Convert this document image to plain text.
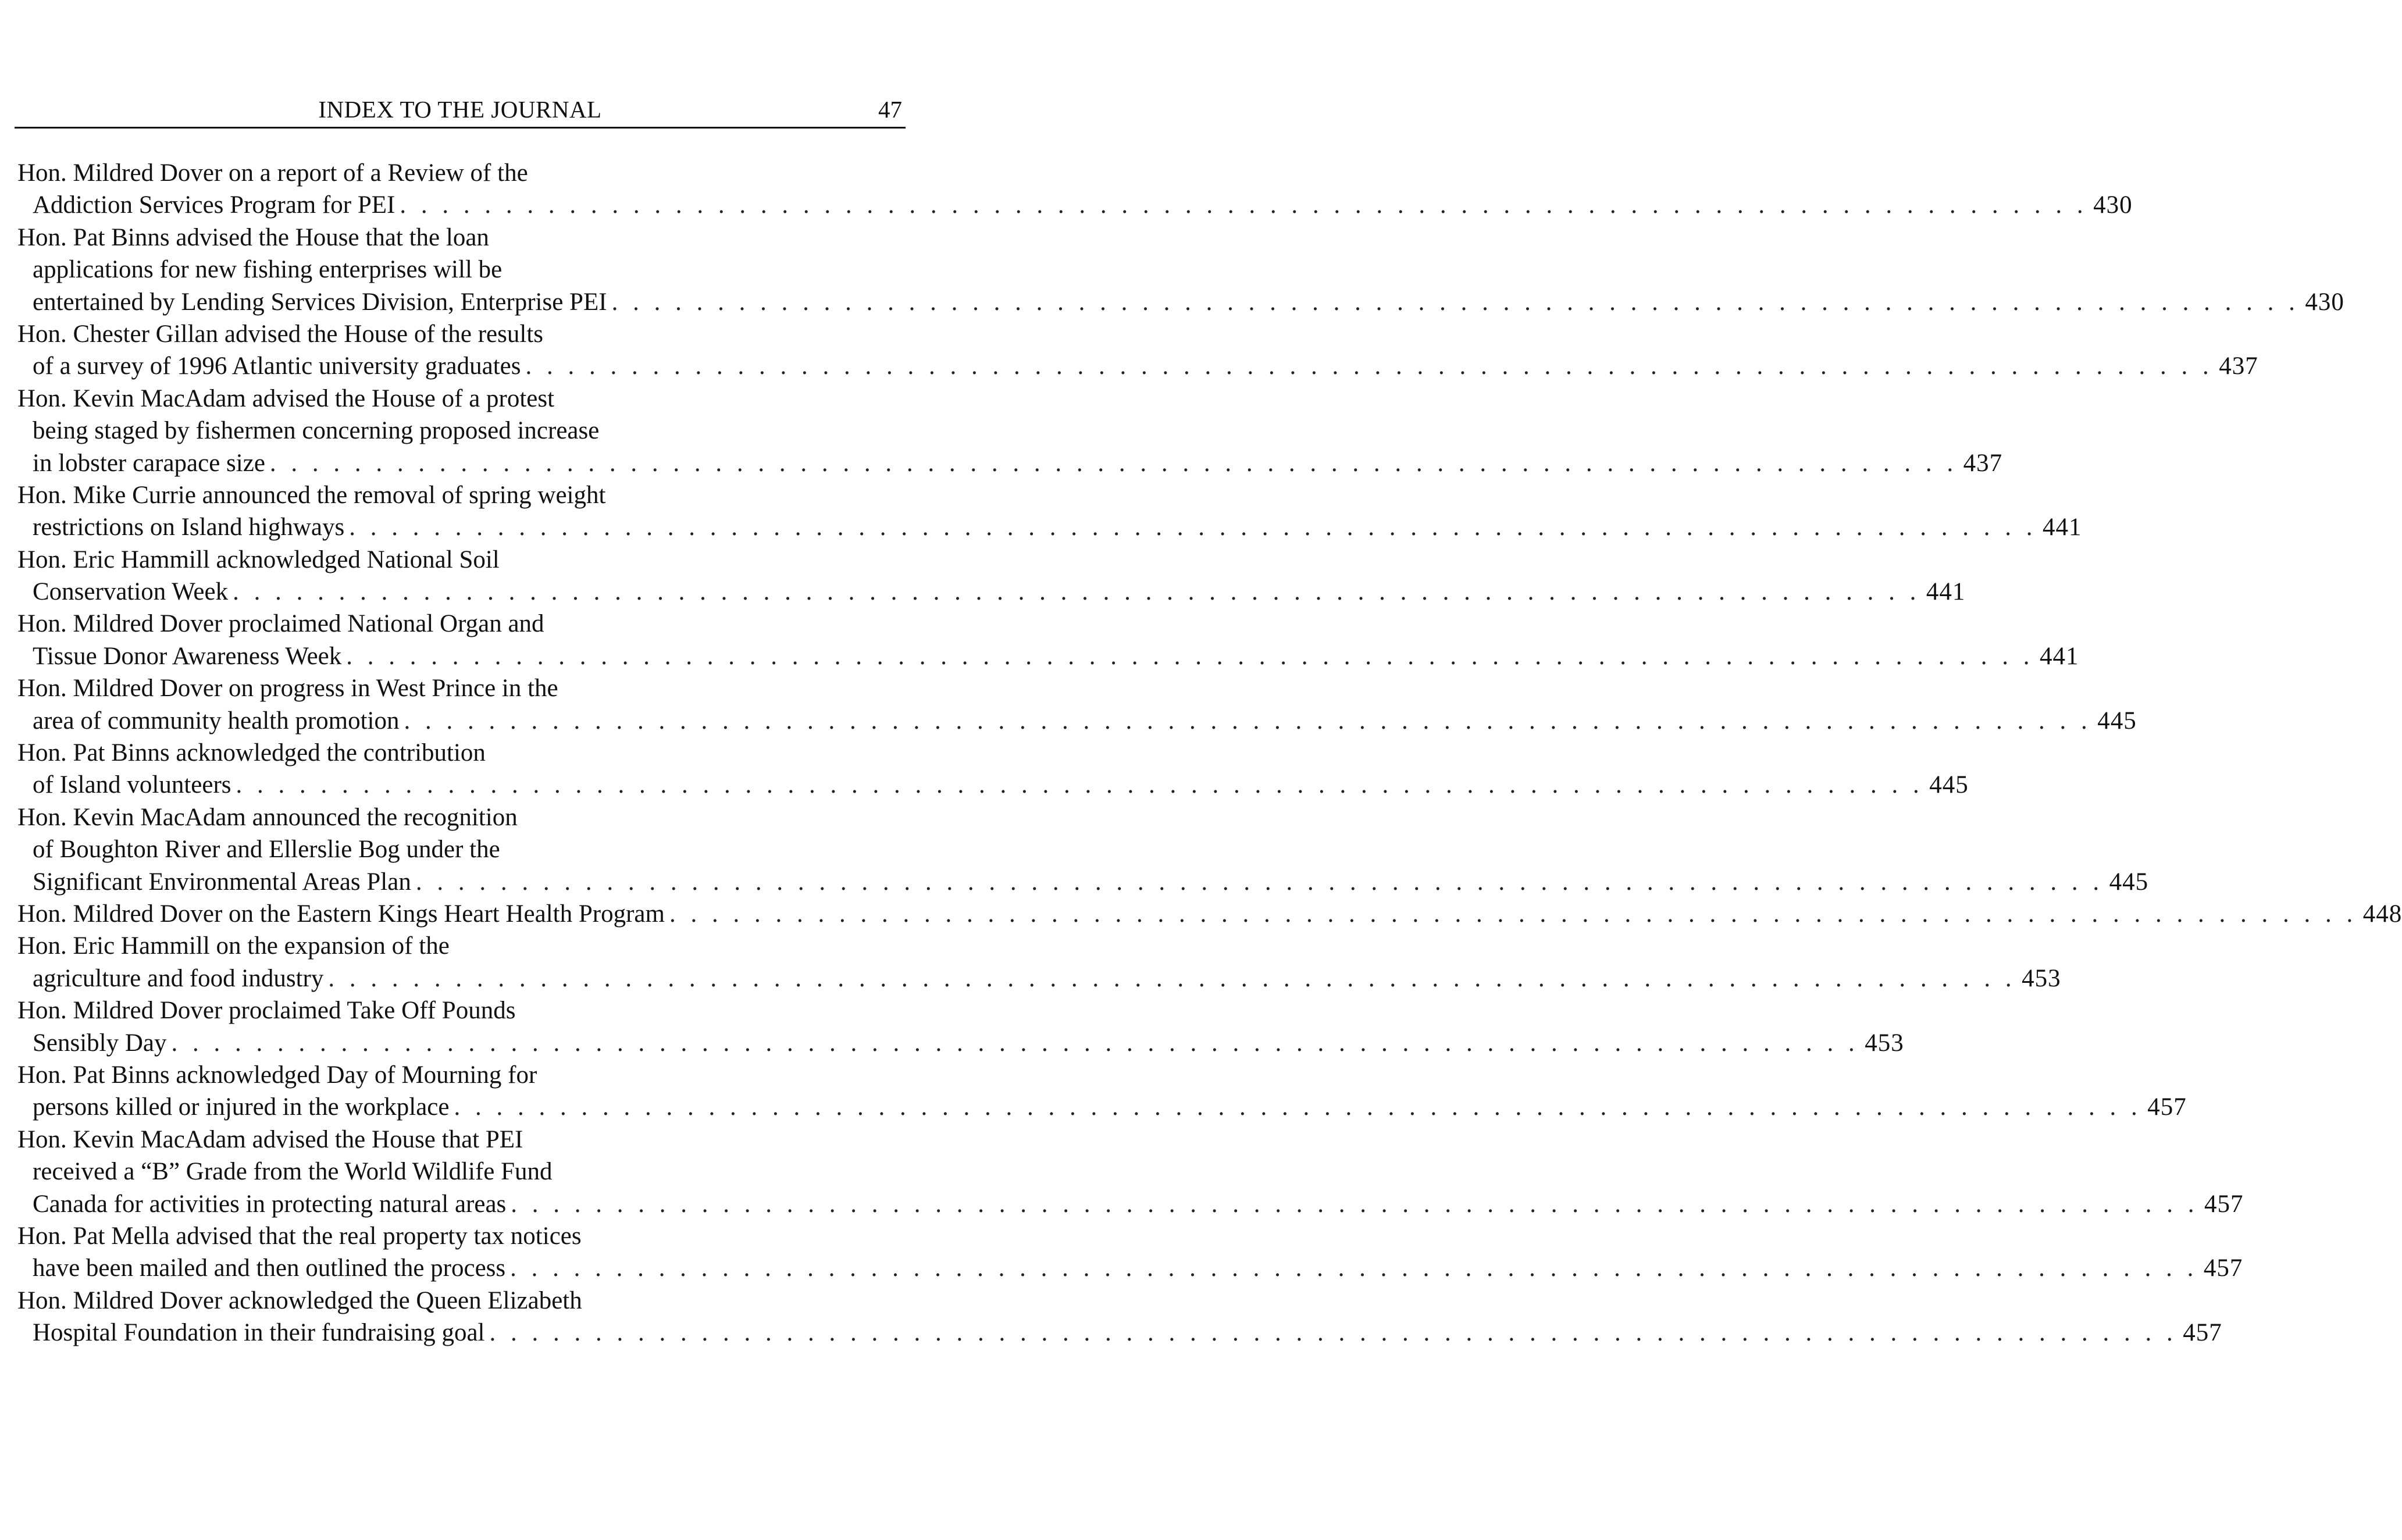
INDEX TO THE JOURNAL	47
Hon. Mildred Dover on a report of a Review of the
Addiction Services Program for PEI . . . . . . . . . . . . . . . . . . . . . . . . . . . . . . . . . . . . . . . . . . . . . . . . . . . . . . . . . . . . . . . . . . . . . . . . . . . . . . . . 430
Hon. Pat Binns advised the House that the loan
applications for new fishing enterprises will be
entertained by Lending Services Division, Enterprise PEI . . . . . . . . . . . . . . . . . . . . . . . . . . . . . . . . . . . . . . . . . . . . . . . . . . . . . . . . . . . . . . . . . . . . . . . . . . . . . . . . 430
Hon. Chester Gillan advised the House of the results
of a survey of 1996 Atlantic university graduates . . . . . . . . . . . . . . . . . . . . . . . . . . . . . . . . . . . . . . . . . . . . . . . . . . . . . . . . . . . . . . . . . . . . . . . . . . . . . . . . 437
Hon. Kevin MacAdam advised the House of a protest
being staged by fishermen concerning proposed increase
in lobster carapace size . . . . . . . . . . . . . . . . . . . . . . . . . . . . . . . . . . . . . . . . . . . . . . . . . . . . . . . . . . . . . . . . . . . . . . . . . . . . . . . . 437
Hon. Mike Currie announced the removal of spring weight
restrictions on Island highways . . . . . . . . . . . . . . . . . . . . . . . . . . . . . . . . . . . . . . . . . . . . . . . . . . . . . . . . . . . . . . . . . . . . . . . . . . . . . . . . 441
Hon. Eric Hammill acknowledged National Soil
Conservation Week . . . . . . . . . . . . . . . . . . . . . . . . . . . . . . . . . . . . . . . . . . . . . . . . . . . . . . . . . . . . . . . . . . . . . . . . . . . . . . . . 441
Hon. Mildred Dover proclaimed National Organ and
Tissue Donor Awareness Week . . . . . . . . . . . . . . . . . . . . . . . . . . . . . . . . . . . . . . . . . . . . . . . . . . . . . . . . . . . . . . . . . . . . . . . . . . . . . . . . 441
Hon. Mildred Dover on progress in West Prince in the
area of community health promotion . . . . . . . . . . . . . . . . . . . . . . . . . . . . . . . . . . . . . . . . . . . . . . . . . . . . . . . . . . . . . . . . . . . . . . . . . . . . . . . . 445
Hon. Pat Binns acknowledged the contribution
of Island volunteers . . . . . . . . . . . . . . . . . . . . . . . . . . . . . . . . . . . . . . . . . . . . . . . . . . . . . . . . . . . . . . . . . . . . . . . . . . . . . . . . 445
Hon. Kevin MacAdam announced the recognition
of Boughton River and Ellerslie Bog under the
Significant Environmental Areas Plan . . . . . . . . . . . . . . . . . . . . . . . . . . . . . . . . . . . . . . . . . . . . . . . . . . . . . . . . . . . . . . . . . . . . . . . . . . . . . . . . 445
Hon. Mildred Dover on the Eastern Kings Heart Health Program . . . . . . . . . . . . . . . . . . . . . . . . . . . . . . . . . . . . . . . . . . . . . . . . . . . . . . . . . . . . . . . . . . . . . . . . . . . . . . . . 448
Hon. Eric Hammill on the expansion of the
agriculture and food industry . . . . . . . . . . . . . . . . . . . . . . . . . . . . . . . . . . . . . . . . . . . . . . . . . . . . . . . . . . . . . . . . . . . . . . . . . . . . . . . . 453
Hon. Mildred Dover proclaimed Take Off Pounds
Sensibly Day . . . . . . . . . . . . . . . . . . . . . . . . . . . . . . . . . . . . . . . . . . . . . . . . . . . . . . . . . . . . . . . . . . . . . . . . . . . . . . . . 453
Hon. Pat Binns acknowledged Day of Mourning for
persons killed or injured in the workplace . . . . . . . . . . . . . . . . . . . . . . . . . . . . . . . . . . . . . . . . . . . . . . . . . . . . . . . . . . . . . . . . . . . . . . . . . . . . . . . . 457
Hon. Kevin MacAdam advised the House that PEI
received a “B” Grade from the World Wildlife Fund
Canada for activities in protecting natural areas . . . . . . . . . . . . . . . . . . . . . . . . . . . . . . . . . . . . . . . . . . . . . . . . . . . . . . . . . . . . . . . . . . . . . . . . . . . . . . . . 457
Hon. Pat Mella advised that the real property tax notices
have been mailed and then outlined the process . . . . . . . . . . . . . . . . . . . . . . . . . . . . . . . . . . . . . . . . . . . . . . . . . . . . . . . . . . . . . . . . . . . . . . . . . . . . . . . . 457
Hon. Mildred Dover acknowledged the Queen Elizabeth
Hospital Foundation in their fundraising goal . . . . . . . . . . . . . . . . . . . . . . . . . . . . . . . . . . . . . . . . . . . . . . . . . . . . . . . . . . . . . . . . . . . . . . . . . . . . . . . . 457
